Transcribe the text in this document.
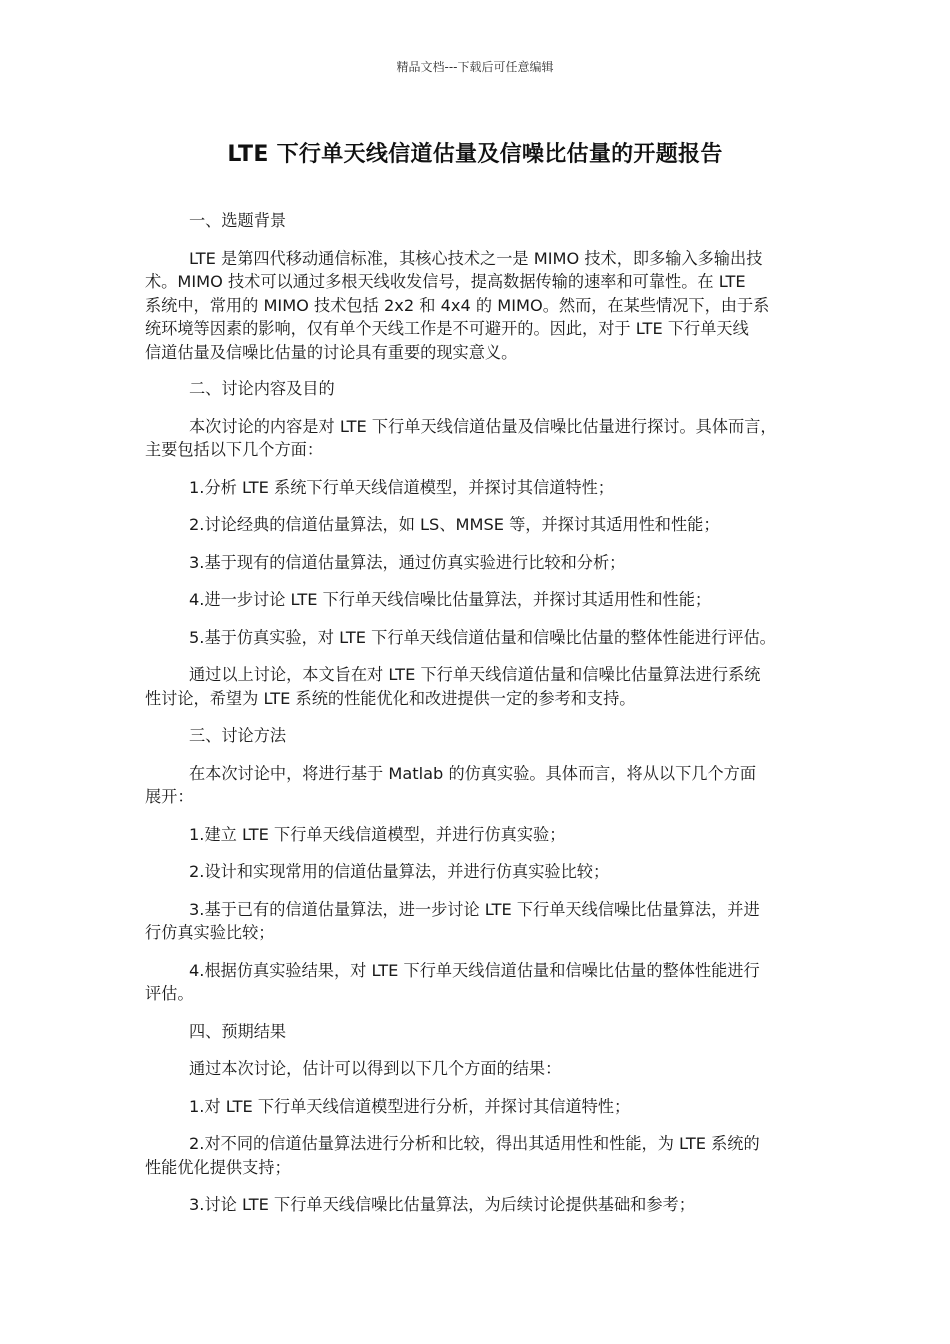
精品文档---下载后可任意编辑
LTE 下行单天线信道估量及信噪比估量的开题报告

一、选题背景

LTE 是第四代移动通信标准，其核心技术之一是 MIMO 技术，即多输入多输出技
术。MIMO 技术可以通过多根天线收发信号，提高数据传输的速率和可靠性。在 LTE
系统中，常用的 MIMO 技术包括 2x2 和 4x4 的 MIMO。然而，在某些情况下，由于系
统环境等因素的影响，仅有单个天线工作是不可避开的。因此，对于 LTE 下行单天线
信道估量及信噪比估量的讨论具有重要的现实意义。

二、讨论内容及目的

本次讨论的内容是对 LTE 下行单天线信道估量及信噪比估量进行探讨。具体而言，
主要包括以下几个方面：

1.分析 LTE 系统下行单天线信道模型，并探讨其信道特性；

2.讨论经典的信道估量算法，如 LS、MMSE 等，并探讨其适用性和性能；

3.基于现有的信道估量算法，通过仿真实验进行比较和分析；

4.进一步讨论 LTE 下行单天线信噪比估量算法，并探讨其适用性和性能；

5.基于仿真实验，对 LTE 下行单天线信道估量和信噪比估量的整体性能进行评估。

通过以上讨论，本文旨在对 LTE 下行单天线信道估量和信噪比估量算法进行系统
性讨论，希望为 LTE 系统的性能优化和改进提供一定的参考和支持。

三、讨论方法

在本次讨论中，将进行基于 Matlab 的仿真实验。具体而言，将从以下几个方面
展开：

1.建立 LTE 下行单天线信道模型，并进行仿真实验；

2.设计和实现常用的信道估量算法，并进行仿真实验比较；

3.基于已有的信道估量算法，进一步讨论 LTE 下行单天线信噪比估量算法，并进
行仿真实验比较；

4.根据仿真实验结果，对 LTE 下行单天线信道估量和信噪比估量的整体性能进行
评估。

四、预期结果

通过本次讨论，估计可以得到以下几个方面的结果：

1.对 LTE 下行单天线信道模型进行分析，并探讨其信道特性；

2.对不同的信道估量算法进行分析和比较，得出其适用性和性能，为 LTE 系统的
性能优化提供支持；

3.讨论 LTE 下行单天线信噪比估量算法，为后续讨论提供基础和参考；
